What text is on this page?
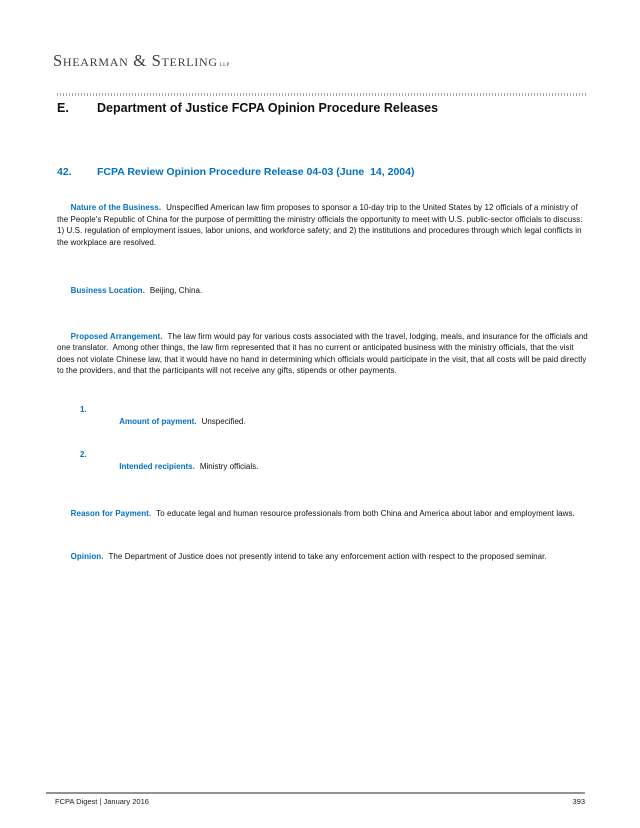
Shearman & Sterling llp
E.	Department of Justice FCPA Opinion Procedure Releases
42.	FCPA Review Opinion Procedure Release 04-03 (June  14, 2004)

Nature of the Business. Unspecified American law firm proposes to sponsor a 10-day trip to the United States by 12 officials of a ministry of the People's Republic of China for the purpose of permitting the ministry officials the opportunity to meet with U.S. public-sector officials to discuss:  1) U.S. regulation of employment issues, labor unions, and workforce safety; and 2) the institutions and procedures through which legal conflicts in the workplace are resolved.

Business Location. Beijing, China.

Proposed Arrangement. The law firm would pay for various costs associated with the travel, lodging, meals, and insurance for the officials and one translator.  Among other things, the law firm represented that it has no current or anticipated business with the ministry officials, that the visit does not violate Chinese law, that it would have no hand in determining which officials would participate in the visit, that all costs will be paid directly to the providers, and that the participants will not receive any gifts, stipends or other payments.

1.

Amount of payment. Unspecified.

2.

Intended recipients. Ministry officials.

Reason for Payment. To educate legal and human resource professionals from both China and America about labor and employment laws.

Opinion. The Department of Justice does not presently intend to take any enforcement action with respect to the proposed seminar.

FCPA Digest | January 2016	393
